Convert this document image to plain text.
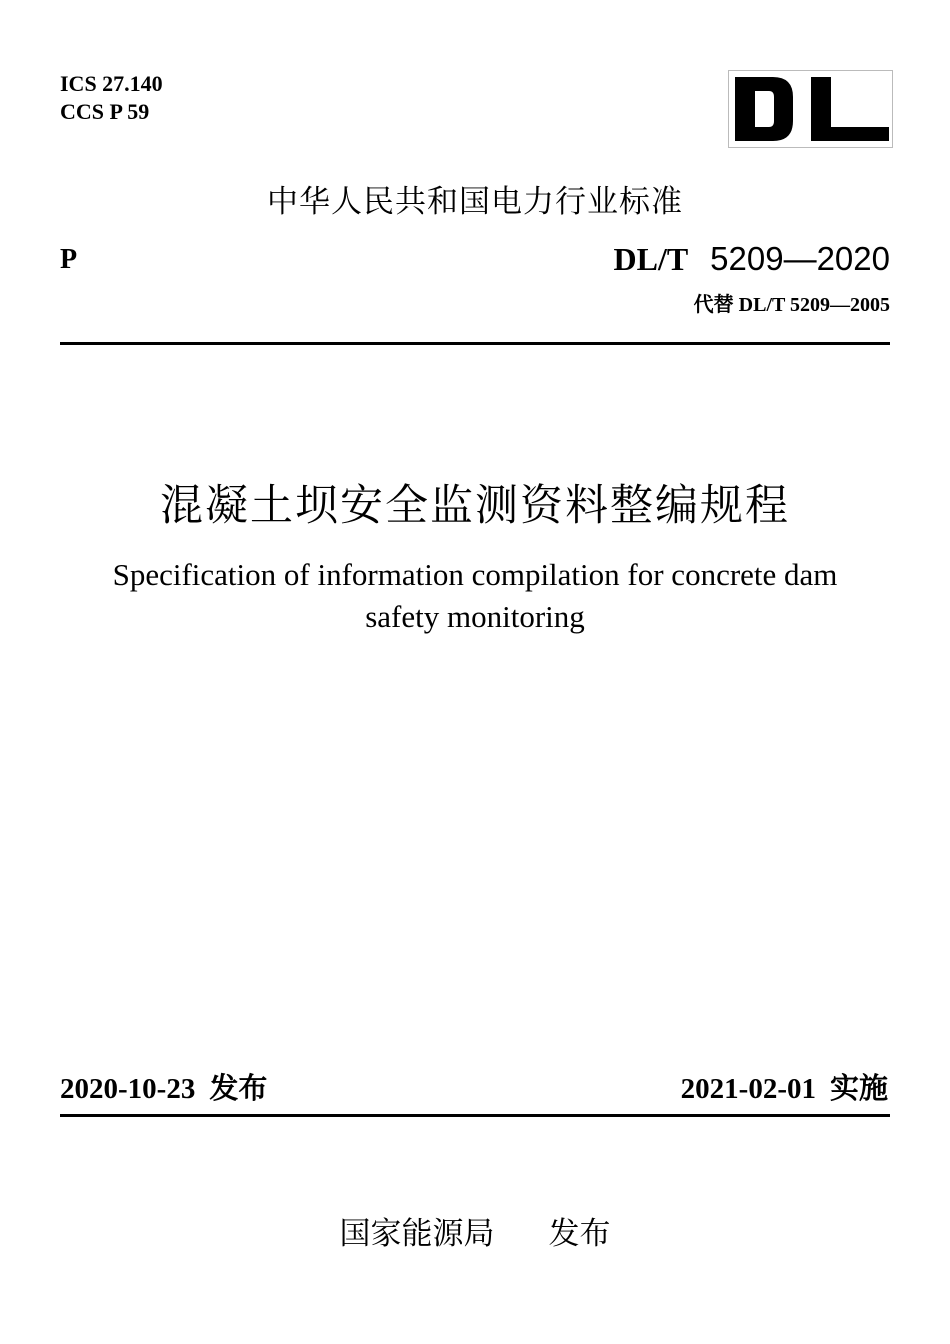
ICS 27.140
CCS P 59
中华人民共和国电力行业标准
P	DL/T 5209—2020
代替 DL/T 5209—2005
混凝土坝安全监测资料整编规程
Specification of information compilation for concrete dam
safety monitoring
2020-10-23 发布	2021-02-01 实施
国家能源局 发布
